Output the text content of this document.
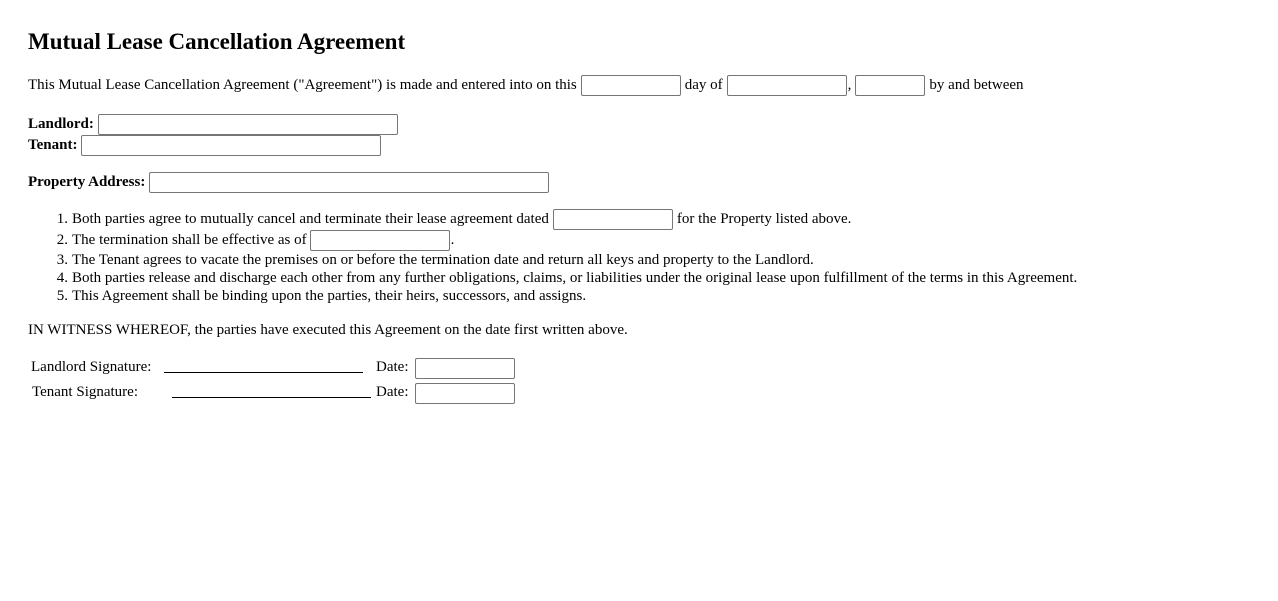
Mutual Lease Cancellation Agreement
This Mutual Lease Cancellation Agreement ("Agreement") is made and entered into on this	day of	,	by and between
Landlord:
Tenant:
Property Address:
1. Both parties agree to mutually cancel and terminate their lease agreement dated	for the Property listed above.
2. The termination shall be effective as of	.
3. The Tenant agrees to vacate the premises on or before the termination date and return all keys and property to the Landlord.
4. Both parties release and discharge each other from any further obligations, claims, or liabilities under the original lease upon fulfillment of the terms in this Agreement.
5. This Agreement shall be binding upon the parties, their heirs, successors, and assigns.
IN WITNESS WHEREOF, the parties have executed this Agreement on the date first written above.
Landlord Signature:	Date:
Tenant Signature:	Date:
